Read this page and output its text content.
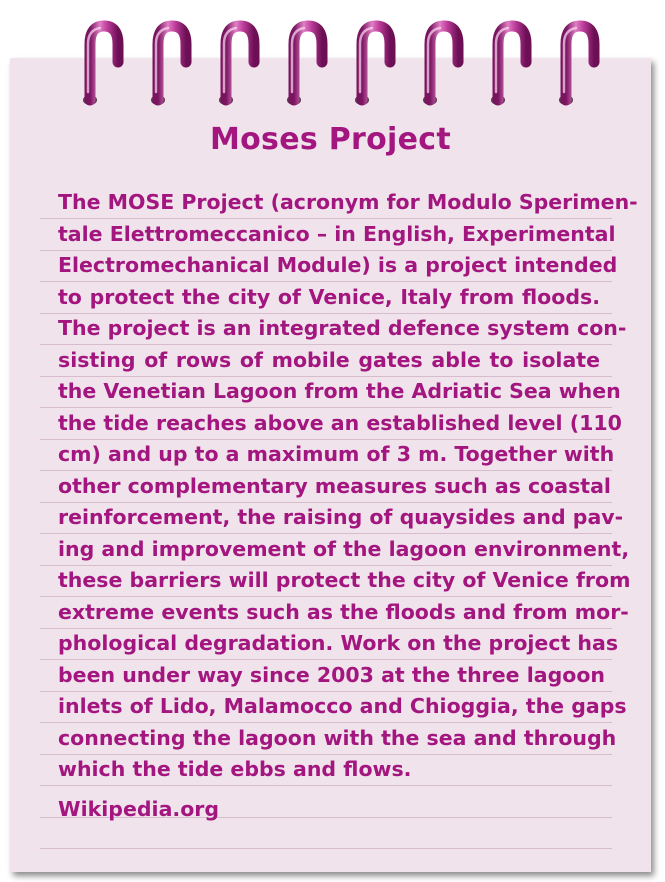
Moses Project

The MOSE Project (acronym for Modulo Sperimen-
tale Elettromeccanico – in English, Experimental
Electromechanical Module) is a project intended
to protect the city of Venice, Italy from floods.
The project is an integrated defence system con-
sisting of rows of mobile gates able to isolate
the Venetian Lagoon from the Adriatic Sea when
the tide reaches above an established level (110
cm) and up to a maximum of 3 m. Together with
other complementary measures such as coastal
reinforcement, the raising of quaysides and pav-
ing and improvement of the lagoon environment,
these barriers will protect the city of Venice from
extreme events such as the floods and from mor-
phological degradation. Work on the project has
been under way since 2003 at the three lagoon
inlets of Lido, Malamocco and Chioggia, the gaps
connecting the lagoon with the sea and through
which the tide ebbs and flows.

Wikipedia.org
